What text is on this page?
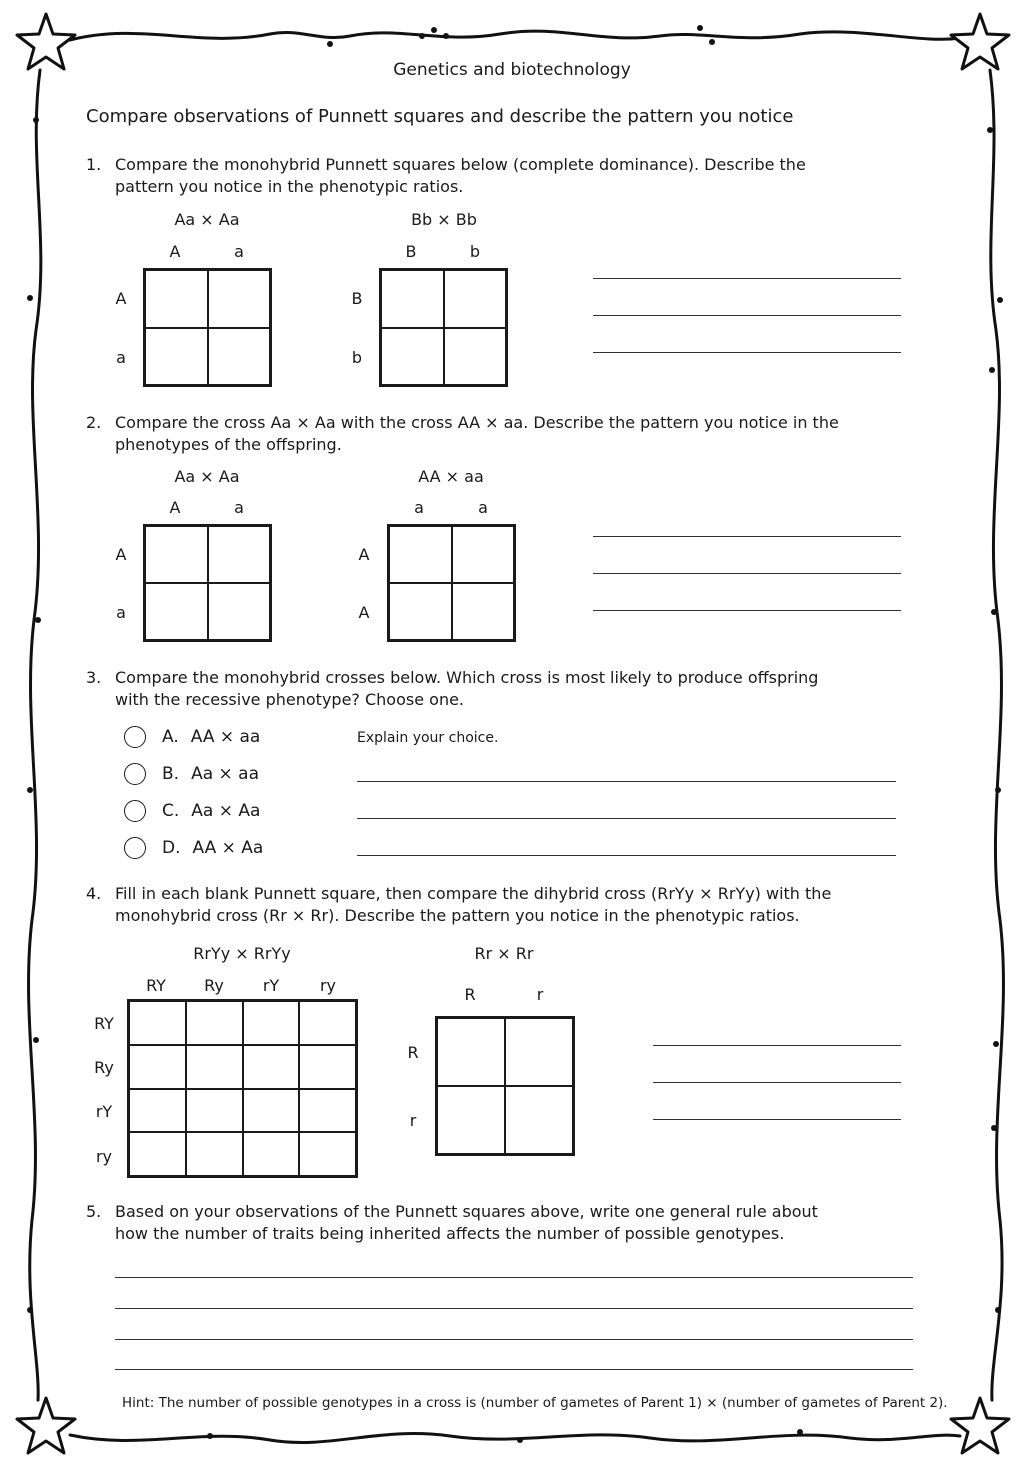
Genetics and biotechnology
Compare observations of Punnett squares and describe the pattern you notice
1. Compare the monohybrid Punnett squares below (complete dominance). Describe the pattern you notice in the phenotypic ratios.
Aa × Aa
A	a
A
a
Bb × Bb
B	b
B
b
2. Compare the cross Aa × Aa with the cross AA × aa. Describe the pattern you notice in the phenotypes of the offspring.
Aa × Aa
A	a
A
a
AA × aa
a	a
A
A
3. Compare the monohybrid crosses below. Which cross is most likely to produce offspring with the recessive phenotype? Choose one.
A. AA × aa
B. Aa × aa
C. Aa × Aa
D. AA × Aa
Explain your choice.
4. Fill in each blank Punnett square, then compare the dihybrid cross (RrYy × RrYy) with the monohybrid cross (Rr × Rr). Describe the pattern you notice in the phenotypic ratios.
RrYy × RrYy
RY	Ry	rY	ry
RY
Ry
rY
ry
Rr × Rr
R	r
R
r
5. Based on your observations of the Punnett squares above, write one general rule about how the number of traits being inherited affects the number of possible genotypes.
Hint: The number of possible genotypes in a cross is (number of gametes of Parent 1) × (number of gametes of Parent 2).
